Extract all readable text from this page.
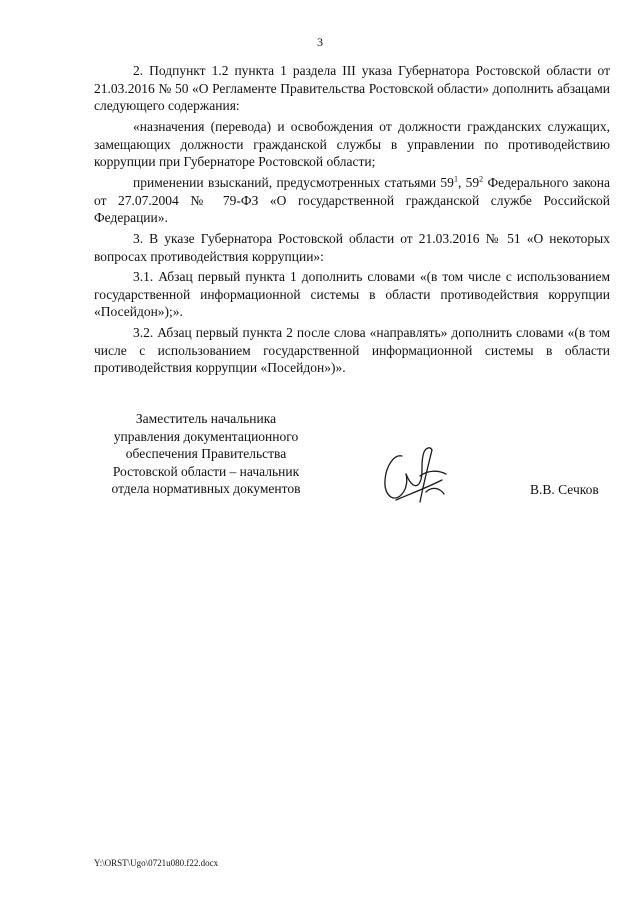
3

2. Подпункт 1.2 пункта 1 раздела III указа Губернатора Ростовской области от 21.03.2016 № 50 «О Регламенте Правительства Ростовской области» дополнить абзацами следующего содержания:

«назначения (перевода) и освобождения от должности гражданских служащих, замещающих должности гражданской службы в управлении по противодействию коррупции при Губернаторе Ростовской области;

применении взысканий, предусмотренных статьями $59^1$, $59^2$ Федерального закона от 27.07.2004 № 79-ФЗ «О государственной гражданской службе Российской Федерации».

3. В указе Губернатора Ростовской области от 21.03.2016 № 51 «О некоторых вопросах противодействия коррупции»:

3.1. Абзац первый пункта 1 дополнить словами «(в том числе с использованием государственной информационной системы в области противодействия коррупции «Посейдон»);».

3.2. Абзац первый пункта 2 после слова «направлять» дополнить словами «(в том числе с использованием государственной информационной системы в области противодействия коррупции «Посейдон»)».

Заместитель начальника
управления документационного
обеспечения Правительства
Ростовской области – начальник
отдела нормативных документов	В.В. Сечков
Y:\ORST\Ugo\0721u080.f22.docx
